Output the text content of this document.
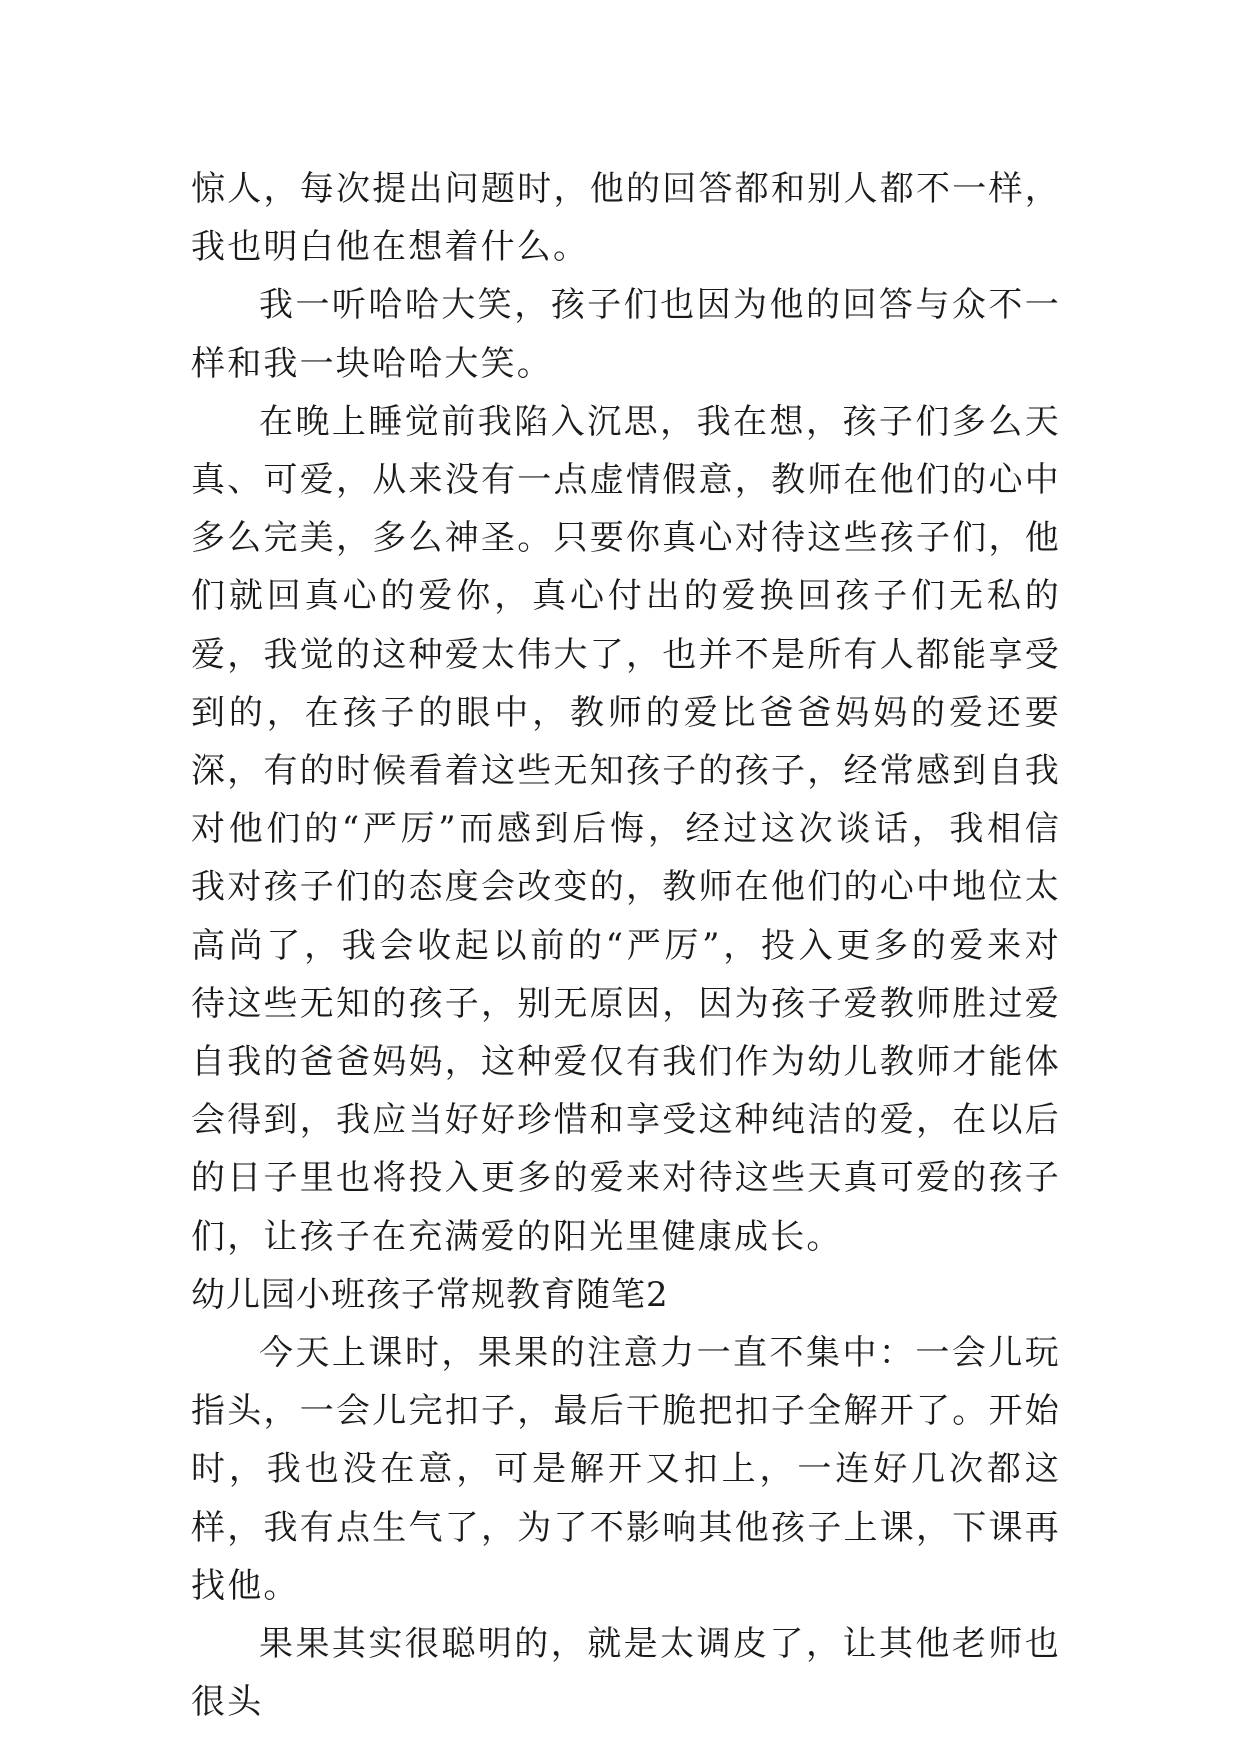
惊人，每次提出问题时，他的回答都和别人都不一样，我也明白他在想着什么。

我一听哈哈大笑，孩子们也因为他的回答与众不一样和我一块哈哈大笑。

在晚上睡觉前我陷入沉思，我在想，孩子们多么天真、可爱，从来没有一点虚情假意，教师在他们的心中多么完美，多么神圣。只要你真心对待这些孩子们，他们就回真心的爱你，真心付出的爱换回孩子们无私的爱，我觉的这种爱太伟大了，也并不是所有人都能享受到的，在孩子的眼中，教师的爱比爸爸妈妈的爱还要深，有的时候看着这些无知孩子的孩子，经常感到自我对他们的“严厉”而感到后悔，经过这次谈话，我相信我对孩子们的态度会改变的，教师在他们的心中地位太高尚了，我会收起以前的“严厉”，投入更多的爱来对待这些无知的孩子，别无原因，因为孩子爱教师胜过爱自我的爸爸妈妈，这种爱仅有我们作为幼儿教师才能体会得到，我应当好好珍惜和享受这种纯洁的爱，在以后的日子里也将投入更多的爱来对待这些天真可爱的孩子们，让孩子在充满爱的阳光里健康成长。

幼儿园小班孩子常规教育随笔2

今天上课时，果果的注意力一直不集中：一会儿玩指头，一会儿完扣子，最后干脆把扣子全解开了。开始时，我也没在意，可是解开又扣上，一连好几次都这样，我有点生气了，为了不影响其他孩子上课，下课再找他。

果果其实很聪明的，就是太调皮了，让其他老师也很头
